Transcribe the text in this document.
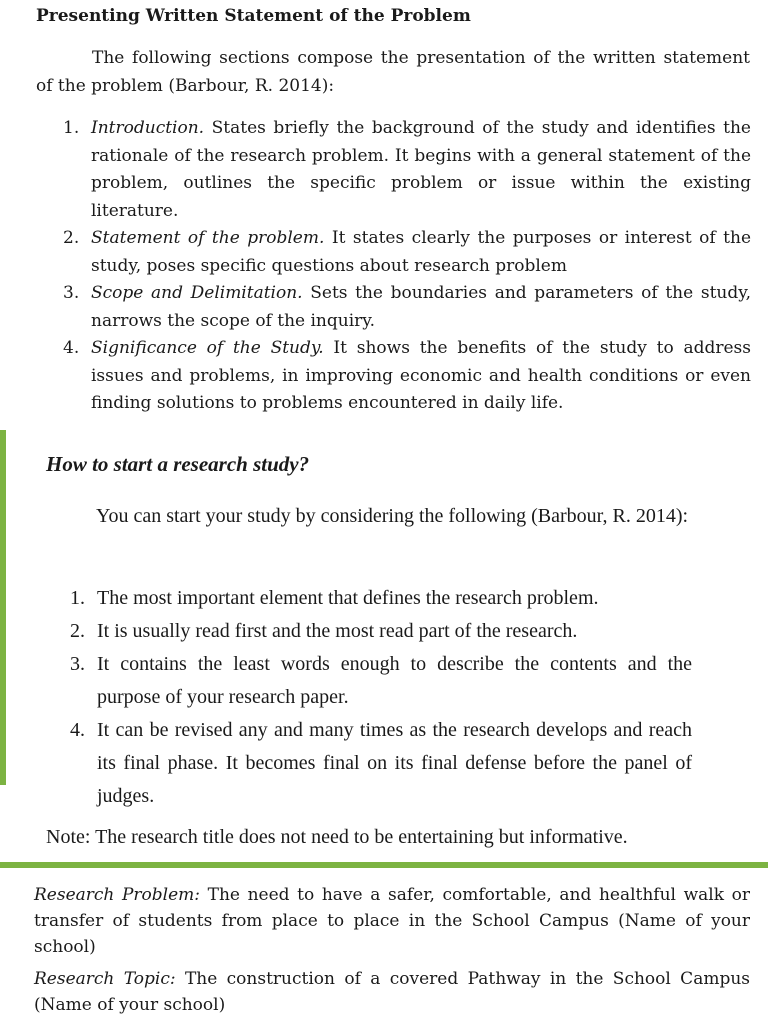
Presenting Written Statement of the Problem
The following sections compose the presentation of the written statement of the problem (Barbour, R. 2014):
1. Introduction. States briefly the background of the study and identifies the rationale of the research problem. It begins with a general statement of the problem, outlines the specific problem or issue within the existing literature.
2. Statement of the problem. It states clearly the purposes or interest of the study, poses specific questions about research problem
3. Scope and Delimitation. Sets the boundaries and parameters of the study, narrows the scope of the inquiry.
4. Significance of the Study. It shows the benefits of the study to address issues and problems, in improving economic and health conditions or even finding solutions to problems encountered in daily life.
How to start a research study?
You can start your study by considering the following (Barbour, R. 2014):
1. The most important element that defines the research problem.
2. It is usually read first and the most read part of the research.
3. It contains the least words enough to describe the contents and the purpose of your research paper.
4. It can be revised any and many times as the research develops and reach its final phase. It becomes final on its final defense before the panel of judges.
Note: The research title does not need to be entertaining but informative.
Research Problem: The need to have a safer, comfortable, and healthful walk or transfer of students from place to place in the School Campus (Name of your school)
Research Topic: The construction of a covered Pathway in the School Campus (Name of your school)
